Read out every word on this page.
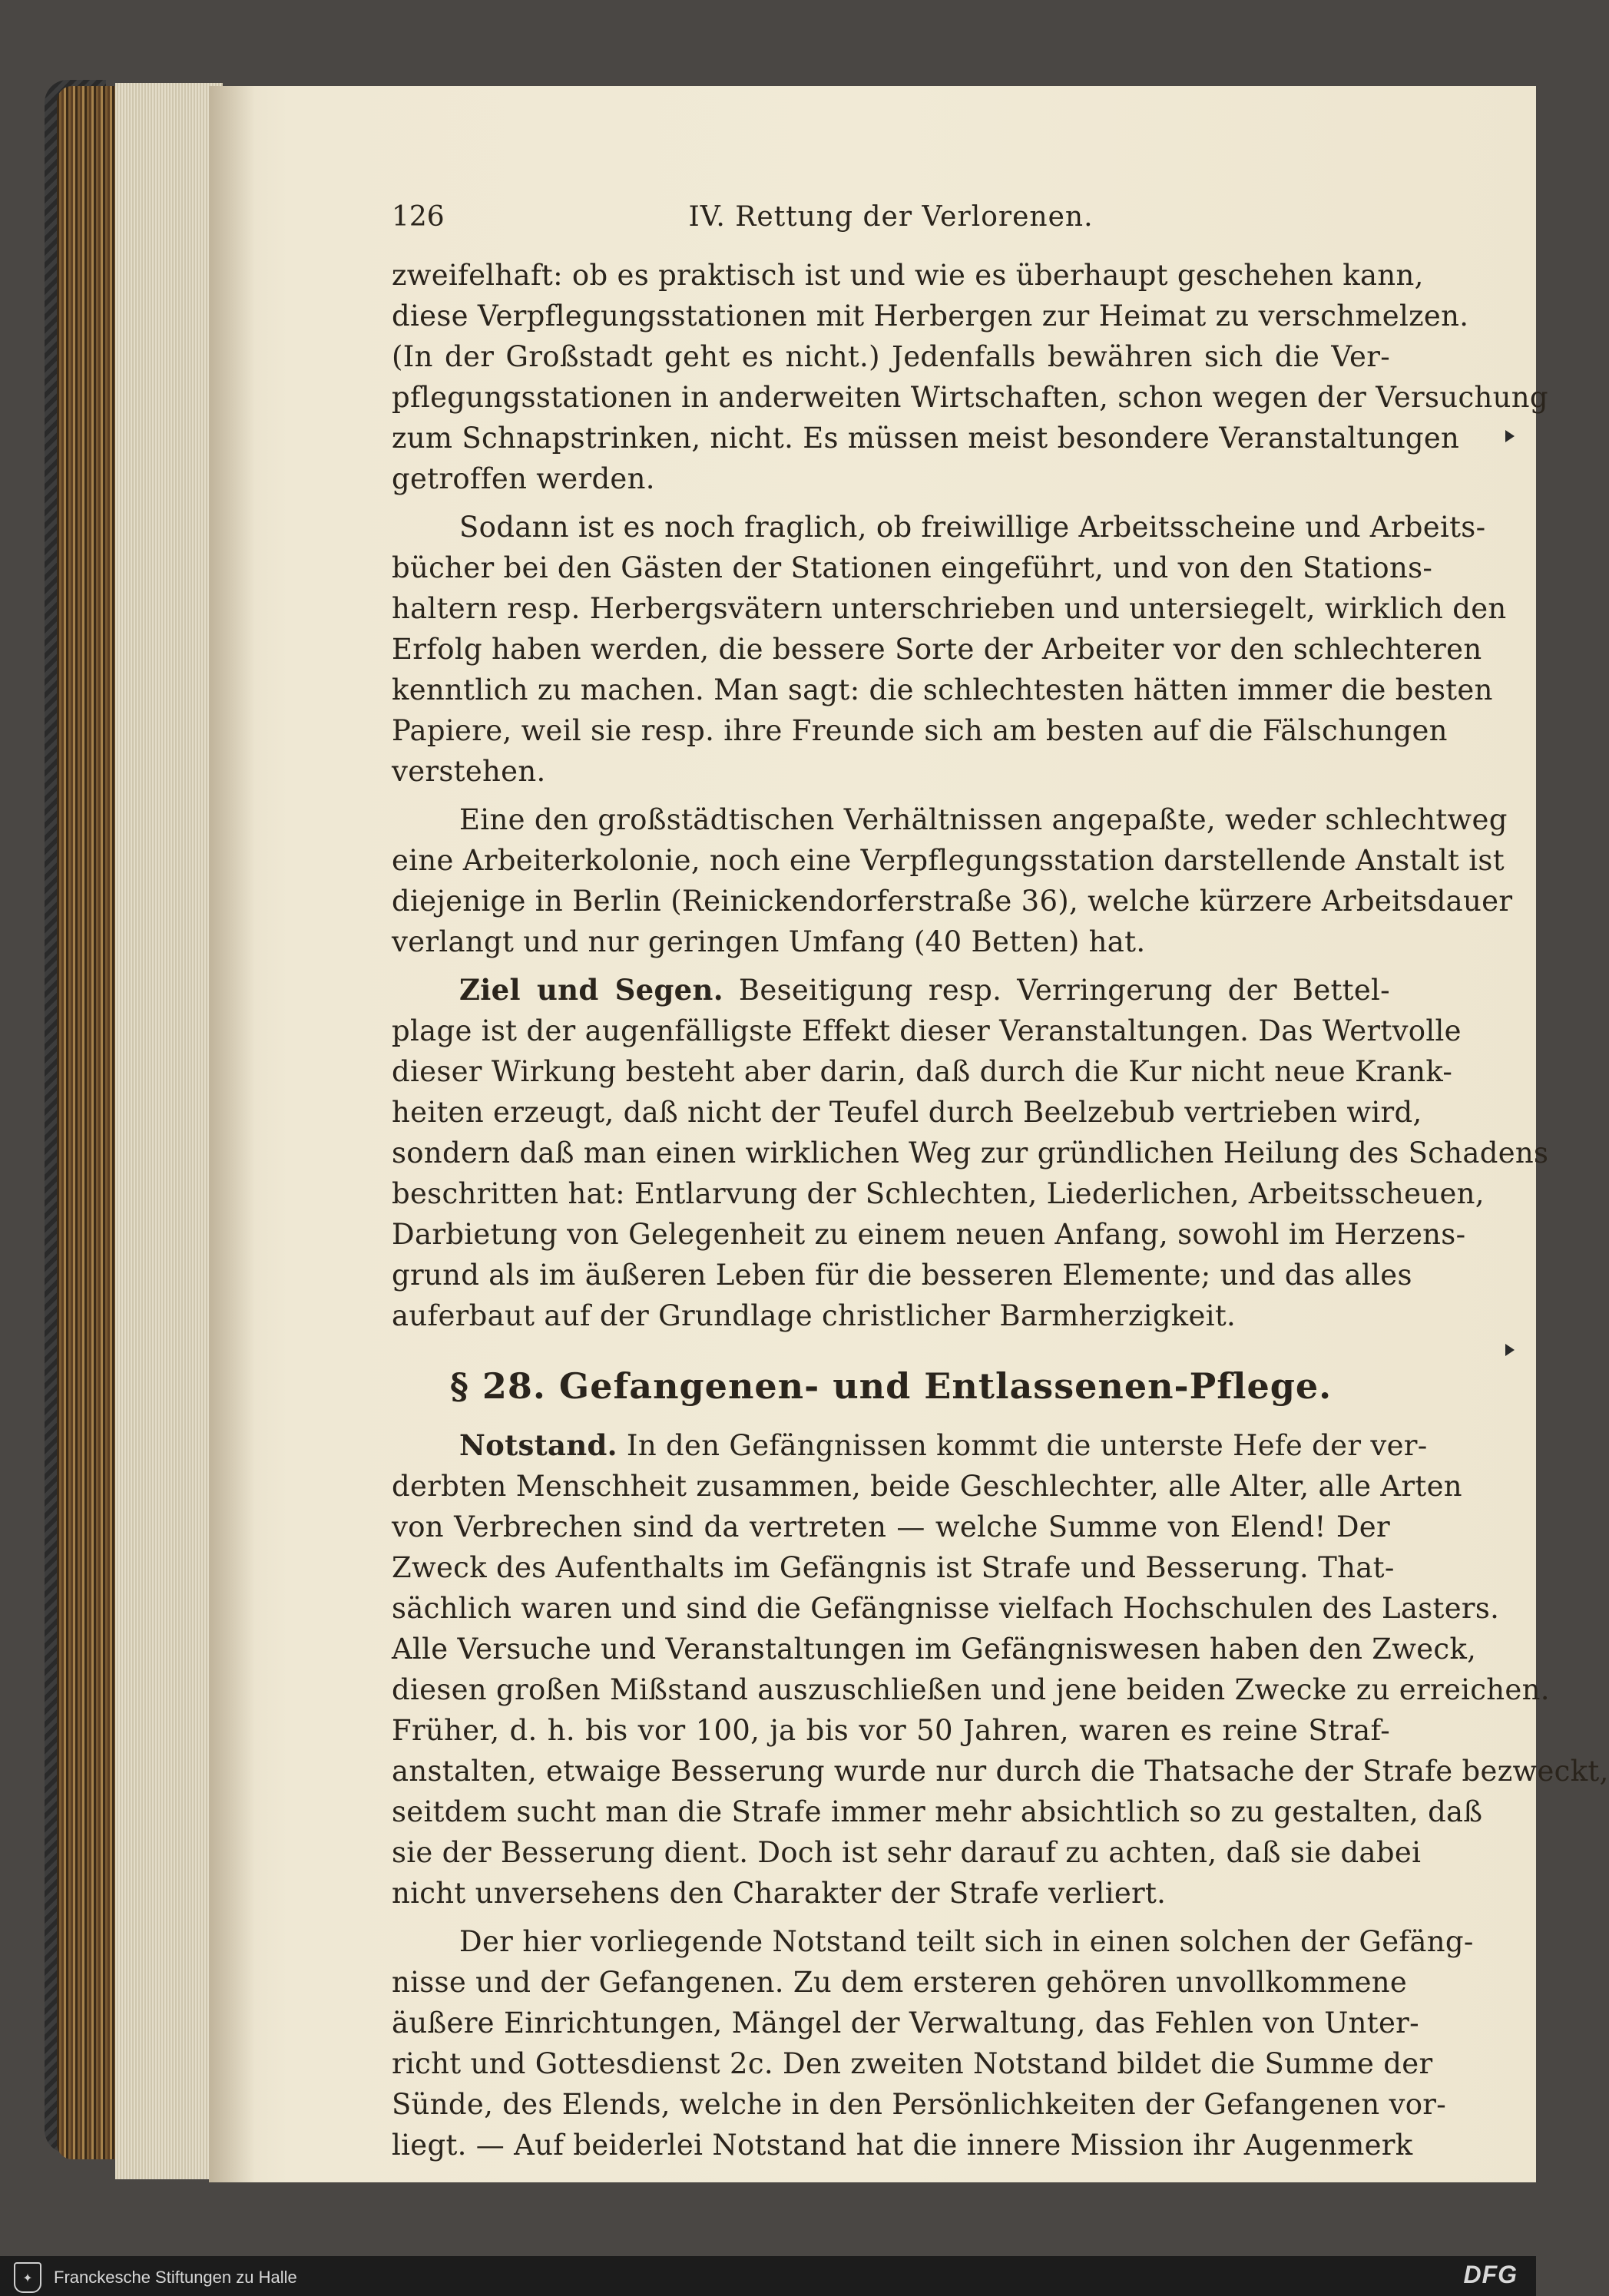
126	IV. Rettung der Verlorenen.
zweifelhaft: ob es praktisch ist und wie es überhaupt geschehen kann,
diese Verpflegungsstationen mit Herbergen zur Heimat zu verschmelzen.
(In der Großstadt geht es nicht.) Jedenfalls bewähren sich die Ver-
pflegungsstationen in anderweiten Wirtschaften, schon wegen der Versuchung
zum Schnapstrinken, nicht. Es müssen meist besondere Veranstaltungen
getroffen werden.
Sodann ist es noch fraglich, ob freiwillige Arbeitsscheine und Arbeits-
bücher bei den Gästen der Stationen eingeführt, und von den Stations-
haltern resp. Herbergsvätern unterschrieben und untersiegelt, wirklich den
Erfolg haben werden, die bessere Sorte der Arbeiter vor den schlechteren
kenntlich zu machen. Man sagt: die schlechtesten hätten immer die besten
Papiere, weil sie resp. ihre Freunde sich am besten auf die Fälschungen
verstehen.
Eine den großstädtischen Verhältnissen angepaßte, weder schlechtweg
eine Arbeiterkolonie, noch eine Verpflegungsstation darstellende Anstalt ist
diejenige in Berlin (Reinickendorferstraße 36), welche kürzere Arbeitsdauer
verlangt und nur geringen Umfang (40 Betten) hat.
Ziel und Segen. Beseitigung resp. Verringerung der Bettel-
plage ist der augenfälligste Effekt dieser Veranstaltungen. Das Wertvolle
dieser Wirkung besteht aber darin, daß durch die Kur nicht neue Krank-
heiten erzeugt, daß nicht der Teufel durch Beelzebub vertrieben wird,
sondern daß man einen wirklichen Weg zur gründlichen Heilung des Schadens
beschritten hat: Entlarvung der Schlechten, Liederlichen, Arbeitsscheuen,
Darbietung von Gelegenheit zu einem neuen Anfang, sowohl im Herzens-
grund als im äußeren Leben für die besseren Elemente; und das alles
auferbaut auf der Grundlage christlicher Barmherzigkeit.
§ 28. Gefangenen- und Entlassenen-Pflege.
Notstand. In den Gefängnissen kommt die unterste Hefe der ver-
derbten Menschheit zusammen, beide Geschlechter, alle Alter, alle Arten
von Verbrechen sind da vertreten — welche Summe von Elend! Der
Zweck des Aufenthalts im Gefängnis ist Strafe und Besserung. That-
sächlich waren und sind die Gefängnisse vielfach Hochschulen des Lasters.
Alle Versuche und Veranstaltungen im Gefängniswesen haben den Zweck,
diesen großen Mißstand auszuschließen und jene beiden Zwecke zu erreichen.
Früher, d. h. bis vor 100, ja bis vor 50 Jahren, waren es reine Straf-
anstalten, etwaige Besserung wurde nur durch die Thatsache der Strafe bezweckt,
seitdem sucht man die Strafe immer mehr absichtlich so zu gestalten, daß
sie der Besserung dient. Doch ist sehr darauf zu achten, daß sie dabei
nicht unversehens den Charakter der Strafe verliert.
Der hier vorliegende Notstand teilt sich in einen solchen der Gefäng-
nisse und der Gefangenen. Zu dem ersteren gehören unvollkommene
äußere Einrichtungen, Mängel der Verwaltung, das Fehlen von Unter-
richt und Gottesdienst 2c. Den zweiten Notstand bildet die Summe der
Sünde, des Elends, welche in den Persönlichkeiten der Gefangenen vor-
liegt. — Auf beiderlei Notstand hat die innere Mission ihr Augenmerk
✦	Franckesche Stiftungen zu Halle	DFG
